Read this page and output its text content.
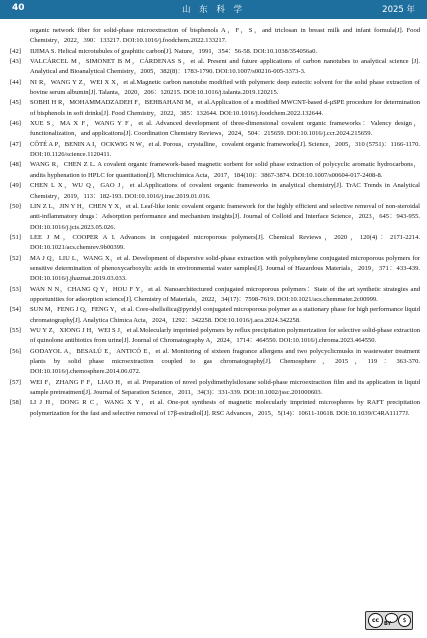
40	山 东 科 学	2025 年
organic network fiber for solid-phase microextraction of bisphenols A，F，S，and triclosan in breast milk and infant formula[J]. Food Chemistry，2022，390：133217. DOI:10.1016/j.foodchem.2022.133217.
[42] IIJIMA S. Helical microtubules of graphitic carbon[J]. Nature，1991，354：56-58. DOI:10.1038/354056a0.
[43] VALCÁRCEL M，SIMONET B M，CÁRDENAS S，et al. Present and future applications of carbon nanotubes to analytical science [J]. Analytical and Bioanalytical Chemistry，2005，382(8)：1783-1790. DOI:10.1007/s00216-005-3373-3.
[44] NI R，WANG Y Z，WEI X X，et al.Magnetic carbon nanotube modified with polymeric deep eutectic solvent for the solid phase extraction of bovine serum albumin[J]. Talanta，2020，206：120215. DOI:10.1016/j.talanta.2019.120215.
[45] SOBHI H R，MOHAMMADZADEH F，BEHBAHANI M，et al.Application of a modified MWCNT-based d-μSPE procedure for determination of bisphenols in soft drinks[J]. Food Chemistry，2022，385：132644. DOI:10.1016/j.foodchem.2022.132644.
[46] XUE S，MA X F，WANG Y F，et al. Advanced development of three-dimensional covalent organic frameworks：Valency design，functionalization，and applications[J]. Coordination Chemistry Reviews，2024，504：215659. DOI:10.1016/j.ccr.2024.215659.
[47] CÔTÉ A P，BENIN A I，OCKWIG N W，et al. Porous，crystalline，covalent organic frameworks[J]. Science，2005，310 (5751)：1166-1170. DOI:10.1126/science.1120411.
[48] WANG R，CHEN Z L. A covalent organic framework-based magnetic sorbent for solid phase extraction of polycyclic aromatic hydrocarbons，andits hyphenation to HPLC for quantitation[J]. Microchimica Acta，2017，184(10)：3867-3874. DOI:10.1007/s00604-017-2408-8.
[49] CHEN L X，WU Q，GAO J，et al.Applications of covalent organic frameworks in analytical chemistry[J]. TrAC Trends in Analytical Chemistry，2019，113：182-193. DOI:10.1016/j.trac.2019.01.016.
[50] LIN Z L，JIN Y H，CHEN Y X，et al. Leaf-like ionic covalent organic framework for the highly efficient and selective removal of non-steroidal anti-inflammatory drugs：Adsorption performance and mechanism insights[J]. Journal of Colloid and Interface Science，2023，645：943-955. DOI:10.1016/j.jcis.2023.05.026.
[51] LEE J M，COOPER A I. Advances in conjugated microporous polymers[J]. Chemical Reviews，2020，120(4)：2171-2214. DOI:10.1021/acs.chemrev.9b00399.
[52] MA J Q，LIU L，WANG X，et al. Development of dispersive solid-phase extraction with polyphenylene conjugated microporous polymers for sensitive determination of phenoxycarboxylic acids in environmental water samples[J]. Journal of Hazardous Materials，2019，371：433-439. DOI:10.1016/j.jhazmat.2019.03.033.
[53] WAN N N，CHANG Q Y，HOU F Y，et al. Nanoarchitectured conjugated microporous polymers：State of the art synthetic strategies and opportunities for adsorption science[J]. Chemistry of Materials，2022，34(17)：7598-7619. DOI:10.1021/acs.chemmater.2c00999.
[54] SUN M，FENG J Q，FENG Y，et al. Core-shellsilica@pyridyl conjugated microporous polymer as a stationary phase for high performance liquid chromatography[J]. Analytica Chimica Acta，2024，1292：342258. DOI:10.1016/j.aca.2024.342258.
[55] WU Y Z，XIONG J H，WEI S J，et al.Molecularly imprinted polymers by reflux precipitation polymerization for selective solid-phase extraction of quinolone antibiotics from urine[J]. Journal of Chromatography A，2024，1714：464550. DOI:10.1016/j.chroma.2023.464550.
[56] GODAYOL A，BESALÚ E，ANTICÓ E，et al. Monitoring of sixteen fragrance allergens and two polycyclicmusks in wastewater treatment plants by solid phase microextraction coupled to gas chromatography[J]. Chemosphere，2015，119：363-370. DOI:10.1016/j.chemosphere.2014.06.072.
[57] WEI F，ZHANG F F，LIAO H，et al. Preparation of novel polydimethylsiloxane solid-phase microextraction film and its application in liquid sample pretreatment[J]. Journal of Separation Science，2011，34(3)：331-339. DOI:10.1002/jssc.201000603.
[58] LI J H，DONG R C，WANG X Y，et al. One-pot synthesis of magnetic molecularly imprinted microspheres by RAFT precipitation polymerization for the fast and selective removal of 17β-estradiol[J]. RSC Advances，2015，5(14)：10611-10618. DOI:10.1039/C4RA11177J.
cc BY	$
